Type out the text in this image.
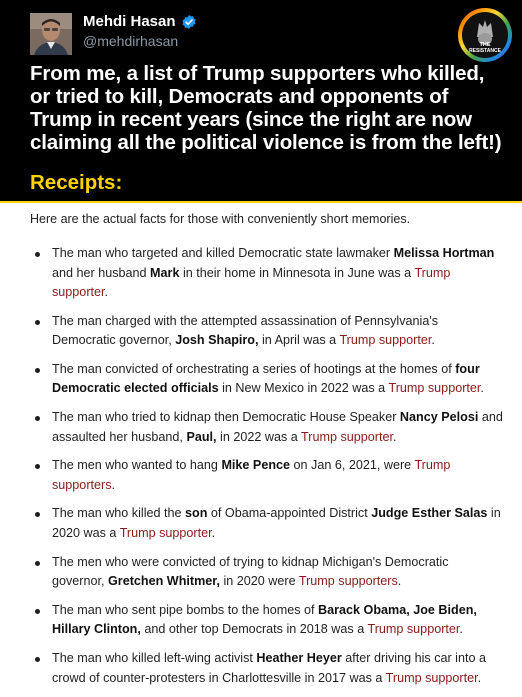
Mehdi Hasan
@mehdirhasan	THE
RESISTANCE
From me, a list of Trump supporters who killed, or tried to kill, Democrats and opponents of Trump in recent years (since the right are now claiming all the political violence is from the left!)
Receipts:
Here are the actual facts for those with conveniently short memories.
The man who targeted and killed Democratic state lawmaker Melissa Hortman and her husband Mark in their home in Minnesota in June was a Trump supporter.
The man charged with the attempted assassination of Pennsylvania's Democratic governor, Josh Shapiro, in April was a Trump supporter.
The man convicted of orchestrating a series of hootings at the homes of four Democratic elected officials in New Mexico in 2022 was a Trump supporter.
The man who tried to kidnap then Democratic House Speaker Nancy Pelosi and assaulted her husband, Paul, in 2022 was a Trump supporter.
The men who wanted to hang Mike Pence on Jan 6, 2021, were Trump supporters.
The man who killed the son of Obama-appointed District Judge Esther Salas in 2020 was a Trump supporter.
The men who were convicted of trying to kidnap Michigan's Democratic governor, Gretchen Whitmer, in 2020 were Trump supporters.
The man who sent pipe bombs to the homes of Barack Obama, Joe Biden, Hillary Clinton, and other top Democrats in 2018 was a Trump supporter.
The man who killed left-wing activist Heather Heyer after driving his car into a crowd of counter-protesters in Charlottesville in 2017 was a Trump supporter.
